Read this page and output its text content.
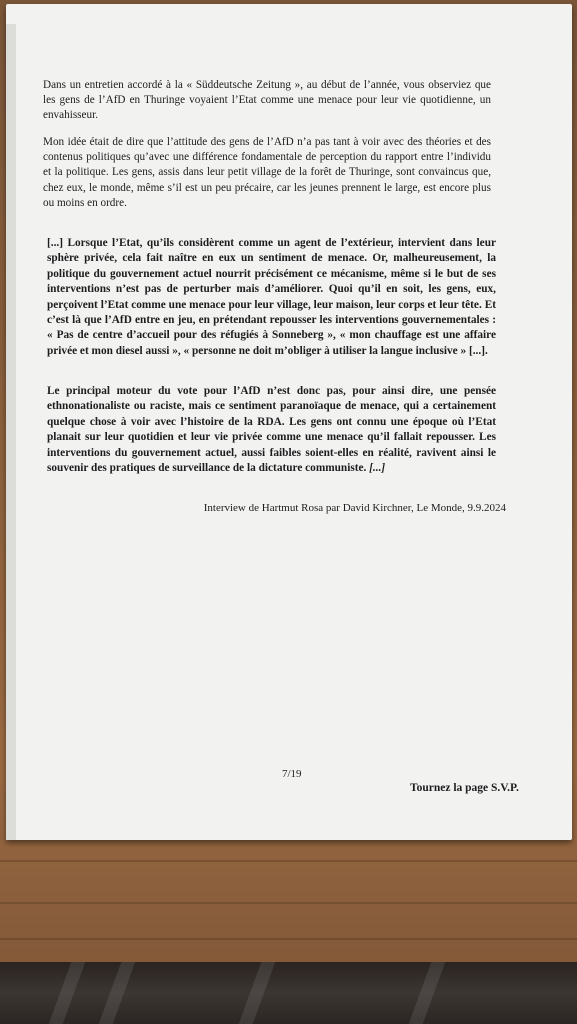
Dans un entretien accordé à la « Süddeutsche Zeitung », au début de l’année, vous observiez que les gens de l’AfD en Thuringe voyaient l’Etat comme une menace pour leur vie quotidienne, un envahisseur.
Mon idée était de dire que l’attitude des gens de l’AfD n’a pas tant à voir avec des théories et des contenus politiques qu’avec une différence fondamentale de perception du rapport entre l’individu et la politique. Les gens, assis dans leur petit village de la forêt de Thuringe, sont convaincus que, chez eux, le monde, même s’il est un peu précaire, car les jeunes prennent le large, est encore plus ou moins en ordre.
[...] Lorsque l’Etat, qu’ils considèrent comme un agent de l’extérieur, intervient dans leur sphère privée, cela fait naître en eux un sentiment de menace. Or, malheureusement, la politique du gouvernement actuel nourrit précisément ce mécanisme, même si le but de ses interventions n’est pas de perturber mais d’améliorer. Quoi qu’il en soit, les gens, eux, perçoivent l’Etat comme une menace pour leur village, leur maison, leur corps et leur tête. Et c’est là que l’AfD entre en jeu, en prétendant repousser les interventions gouvernementales : « Pas de centre d’accueil pour des réfugiés à Sonneberg », « mon chauffage est une affaire privée et mon diesel aussi », « personne ne doit m’obliger à utiliser la langue inclusive » [...].
Le principal moteur du vote pour l’AfD n’est donc pas, pour ainsi dire, une pensée ethnonationaliste ou raciste, mais ce sentiment paranoïaque de menace, qui a certainement quelque chose à voir avec l’histoire de la RDA. Les gens ont connu une époque où l’Etat planait sur leur quotidien et leur vie privée comme une menace qu’il fallait repousser. Les interventions du gouvernement actuel, aussi faibles soient-elles en réalité, ravivent ainsi le souvenir des pratiques de surveillance de la dictature communiste. [...]
Interview de Hartmut Rosa par David Kirchner, Le Monde, 9.9.2024
7/19
Tournez la page S.V.P.
